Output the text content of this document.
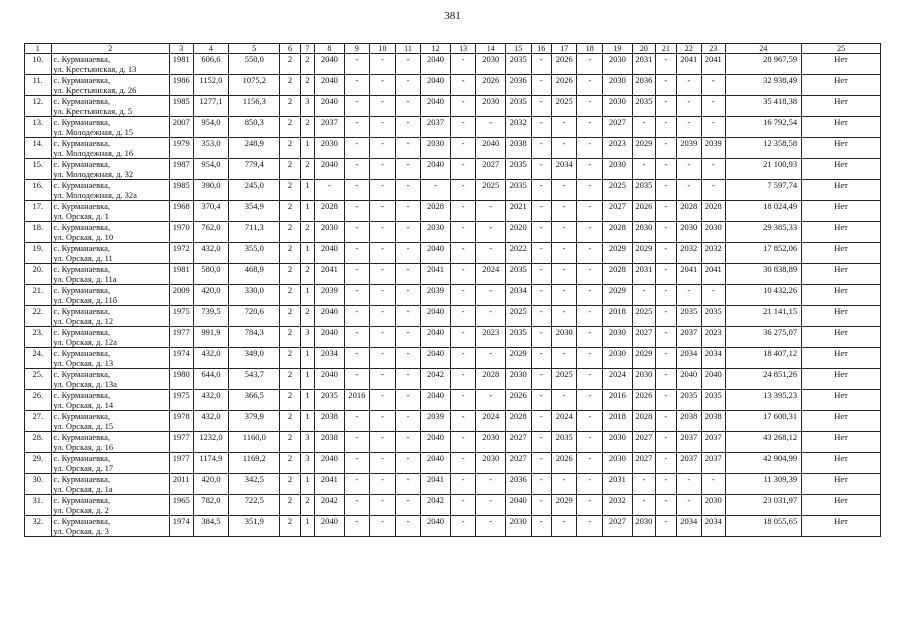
381
1	2	3	4	5	6	7	8	9	10	11	12	13	14	15	16	17	18	19	20	21	22	23	24	25
10.	с. Курманаевка,
ул. Крестьянская, д. 13	1981	606,6	550,0	2	2	2040	-	-	-	2040	-	2030	2035	-	2026	-	2030	2031	-	2041	2041	28 967,59	Нет
11.	с. Курманаевка,
ул. Крестьянская, д. 26	1986	1152,0	1075,2	2	2	2040	-	-	-	2040	-	2026	2036	-	2026	-	2030	2036	-	-	-	32 938,49	Нет
12.	с. Курманаевка,
ул. Крестьянская, д. 5	1985	1277,1	1156,3	2	3	2040	-	-	-	2040	-	2030	2035	-	2025	-	2030	2035	-	-	-	35 418,38	Нет
13.	с. Курманаевка,
ул. Молодежная, д. 15	2007	954,0	850,3	2	2	2037	-	-	-	2037	-	-	2032	-	-	-	2027	-	-	-	-	16 792,54	Нет
14.	с. Курманаевка,
ул. Молодежная, д. 16	1979	353,0	248,9	2	1	2030	-	-	-	2030	-	2040	2038	-	-	-	2023	2029	-	2039	2039	12 358,58	Нет
15.	с. Курманаевка,
ул. Молодежная, д. 32	1987	954,0	779,4	2	2	2040	-	-	-	2040	-	2027	2035	-	2034	-	2030	-	-	-	-	21 100,93	Нет
16.	с. Курманаевка,
ул. Молодежная, д. 32а	1985	390,0	245,0	2	1	-	-	-	-	-	-	2025	2035	-	-	-	2025	2035	-	-	-	7 597,74	Нет
17.	с. Курманаевка,
ул. Орская, д. 1	1968	370,4	354,9	2	1	2028	-	-	-	2028	-	-	2021	-	-	-	2027	2026	-	2028	2028	18 024,49	Нет
18.	с. Курманаевка,
ул. Орская, д. 10	1970	762,0	711,3	2	2	2030	-	-	-	2030	-	-	2020	-	-	-	2028	2030	-	2030	2030	29 385,33	Нет
19.	с. Курманаевка,
ул. Орская, д. 11	1972	432,0	355,0	2	1	2040	-	-	-	2040	-	-	2022	-	-	-	2029	2029	-	2032	2032	17 852,06	Нет
20.	с. Курманаевка,
ул. Орская, д. 11а	1981	580,0	468,9	2	2	2041	-	-	-	2041	-	2024	2035	-	-	-	2028	2031	-	2041	2041	30 838,89	Нет
21.	с. Курманаевка,
ул. Орская, д. 11б	2009	420,0	330,0	2	1	2039	-	-	-	2039	-	-	2034	-	-	-	2029	-	-	-	-	10 432,26	Нет
22.	с. Курманаевка,
ул. Орская, д. 12	1975	739,5	720,6	2	2	2040	-	-	-	2040	-	-	2025	-	-	-	2018	2025	-	2035	2035	21 141,15	Нет
23.	с. Курманаевка,
ул. Орская, д. 12а	1977	991,9	784,3	2	3	2040	-	-	-	2040	-	2023	2035	-	2030	-	2030	2027	-	2037	2023	36 275,07	Нет
24.	с. Курманаевка,
ул. Орская, д. 13	1974	432,0	349,0	2	1	2034	-	-	-	2040	-	-	2029	-	-	-	2030	2029	-	2034	2034	18 407,12	Нет
25.	с. Курманаевка,
ул. Орская, д. 13а	1980	644,0	543,7	2	1	2040	-	-	-	2042	-	2028	2030	-	2025	-	2024	2030	-	2040	2040	24 851,26	Нет
26.	с. Курманаевка,
ул. Орская, д. 14	1975	432,0	366,5	2	1	2035	2016	-	-	2040	-	-	2026	-	-	-	2016	2026	-	2035	2035	13 395,23	Нет
27.	с. Курманаевка,
ул. Орская, д. 15	1978	432,0	379,9	2	1	2038	-	-	-	2039	-	2024	2028	-	2024	-	2018	2028	-	2038	2038	17 600,31	Нет
28.	с. Курманаевка,
ул. Орская, д. 16	1977	1232,0	1160,0	2	3	2038	-	-	-	2040	-	2030	2027	-	2035	-	2030	2027	-	2037	2037	43 268,12	Нет
29.	с. Курманаевка,
ул. Орская, д. 17	1977	1174,9	1169,2	2	3	2040	-	-	-	2040	-	2030	2027	-	2026	-	2030	2027	-	2037	2037	42 904,99	Нет
30.	с. Курманаевка,
ул. Орская, д. 1а	2011	420,0	342,5	2	1	2041	-	-	-	2041	-	-	2036	-	-	-	2031	-	-	-	-	11 309,39	Нет
31.	с. Курманаевка,
ул. Орская, д. 2	1965	782,0	722,5	2	2	2042	-	-	-	2042	-	-	2040	-	2029	-	2032	-	-	-	2030	23 031,97	Нет
32.	с. Курманаевка,
ул. Орская, д. 3	1974	384,5	351,9	2	1	2040	-	-	-	2040	-	-	2030	-	-	-	2027	2030	-	2034	2034	18 055,65	Нет
